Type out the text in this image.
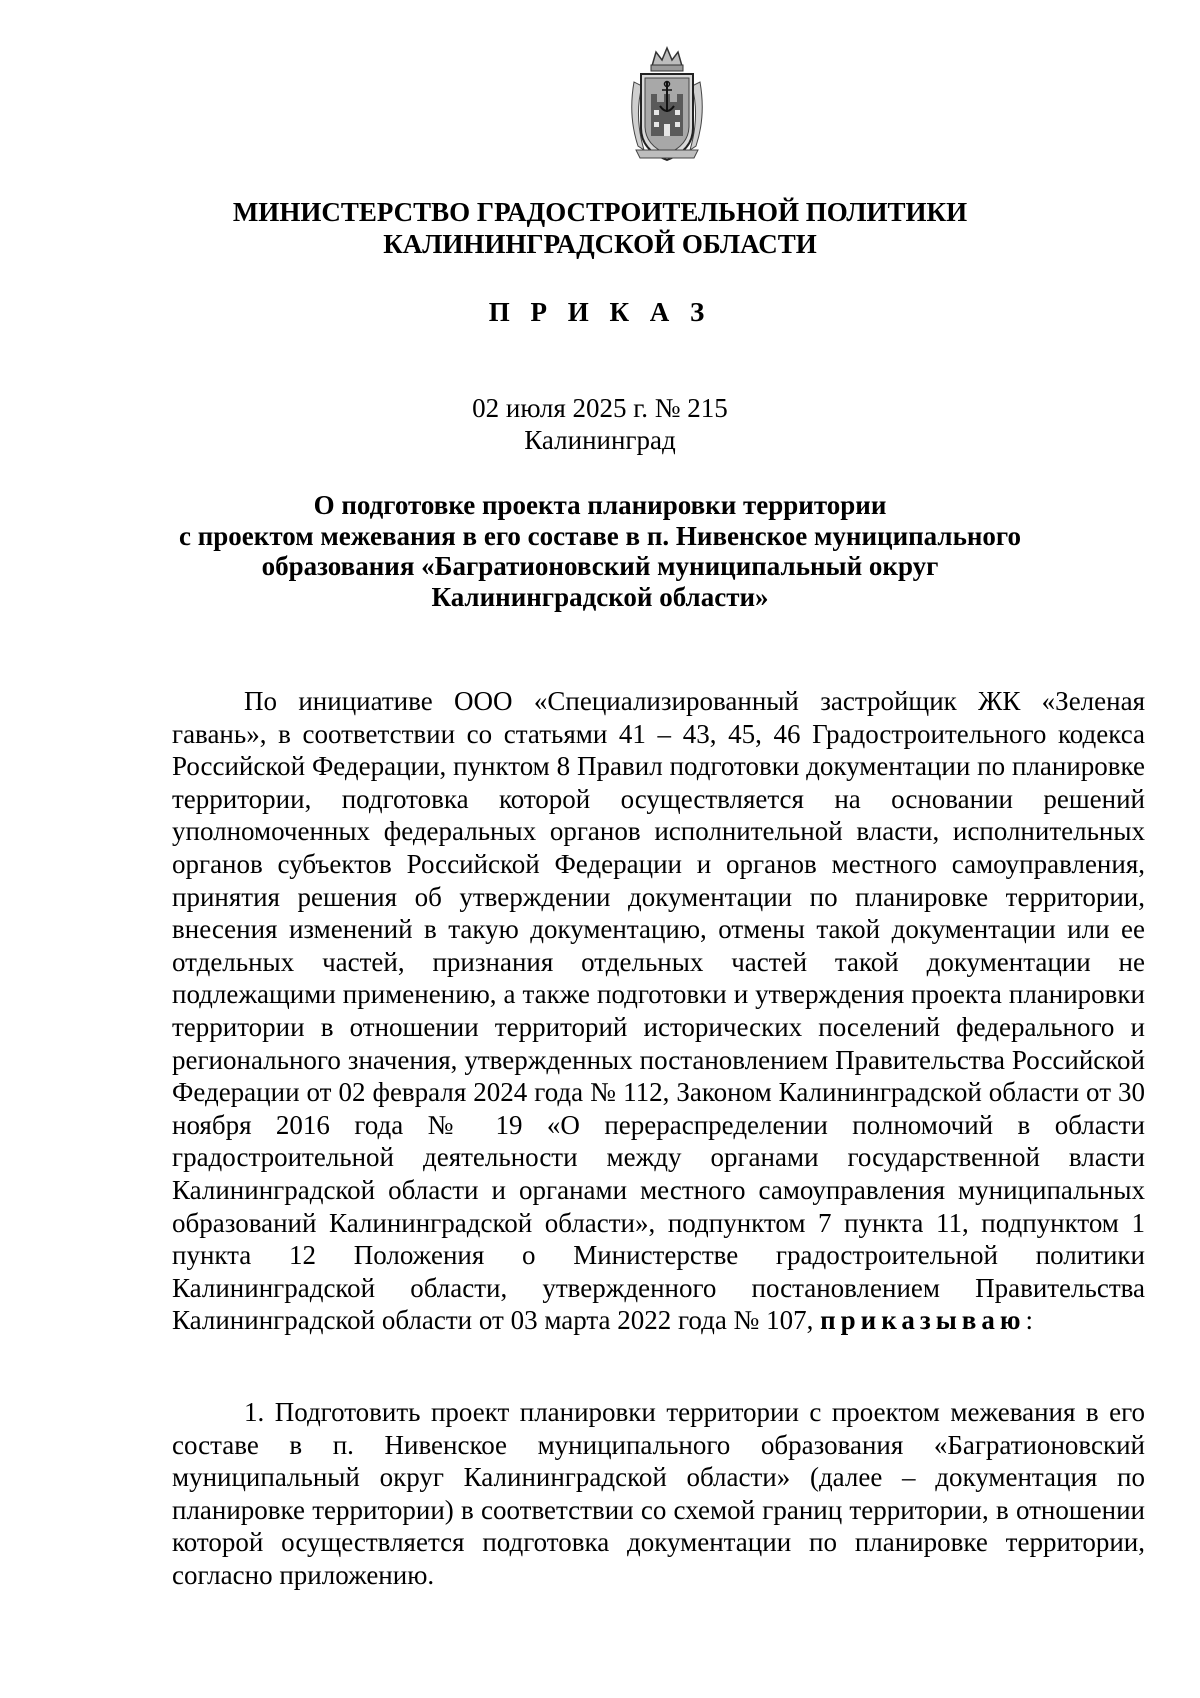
МИНИСТЕРСТВО ГРАДОСТРОИТЕЛЬНОЙ ПОЛИТИКИ
КАЛИНИНГРАДСКОЙ ОБЛАСТИ
П Р И К А З
02 июля 2025 г. № 215
Калининград
О подготовке проекта планировки территории
с проектом межевания в его составе в п. Нивенское муниципального
образования «Багратионовский муниципальный округ
Калининградской области»
По инициативе ООО «Специализированный застройщик ЖК «Зеленая гавань», в соответствии со статьями 41 – 43, 45, 46 Градостроительного кодекса Российской Федерации, пунктом 8 Правил подготовки документации по планировке территории, подготовка которой осуществляется на основании решений уполномоченных федеральных органов исполнительной власти, исполнительных органов субъектов Российской Федерации и органов местного самоуправления, принятия решения об утверждении документации по планировке территории, внесения изменений в такую документацию, отмены такой документации или ее отдельных частей, признания отдельных частей такой документации не подлежащими применению, а также подготовки и утверждения проекта планировки территории в отношении территорий исторических поселений федерального и регионального значения, утвержденных постановлением Правительства Российской Федерации от 02 февраля 2024 года № 112, Законом Калининградской области от 30 ноября 2016 года № 19 «О перераспределении полномочий в области градостроительной деятельности между органами государственной власти Калининградской области и органами местного самоуправления муниципальных образований Калининградской области», подпунктом 7 пункта 11, подпунктом 1 пункта 12 Положения о Министерстве градостроительной политики Калининградской области, утвержденного постановлением Правительства Калининградской области от 03 марта 2022 года № 107, приказываю:
1. Подготовить проект планировки территории с проектом межевания в его составе в п. Нивенское муниципального образования «Багратионовский муниципальный округ Калининградской области» (далее – документация по планировке территории) в соответствии со схемой границ территории, в отношении которой осуществляется подготовка документации по планировке территории, согласно приложению.
